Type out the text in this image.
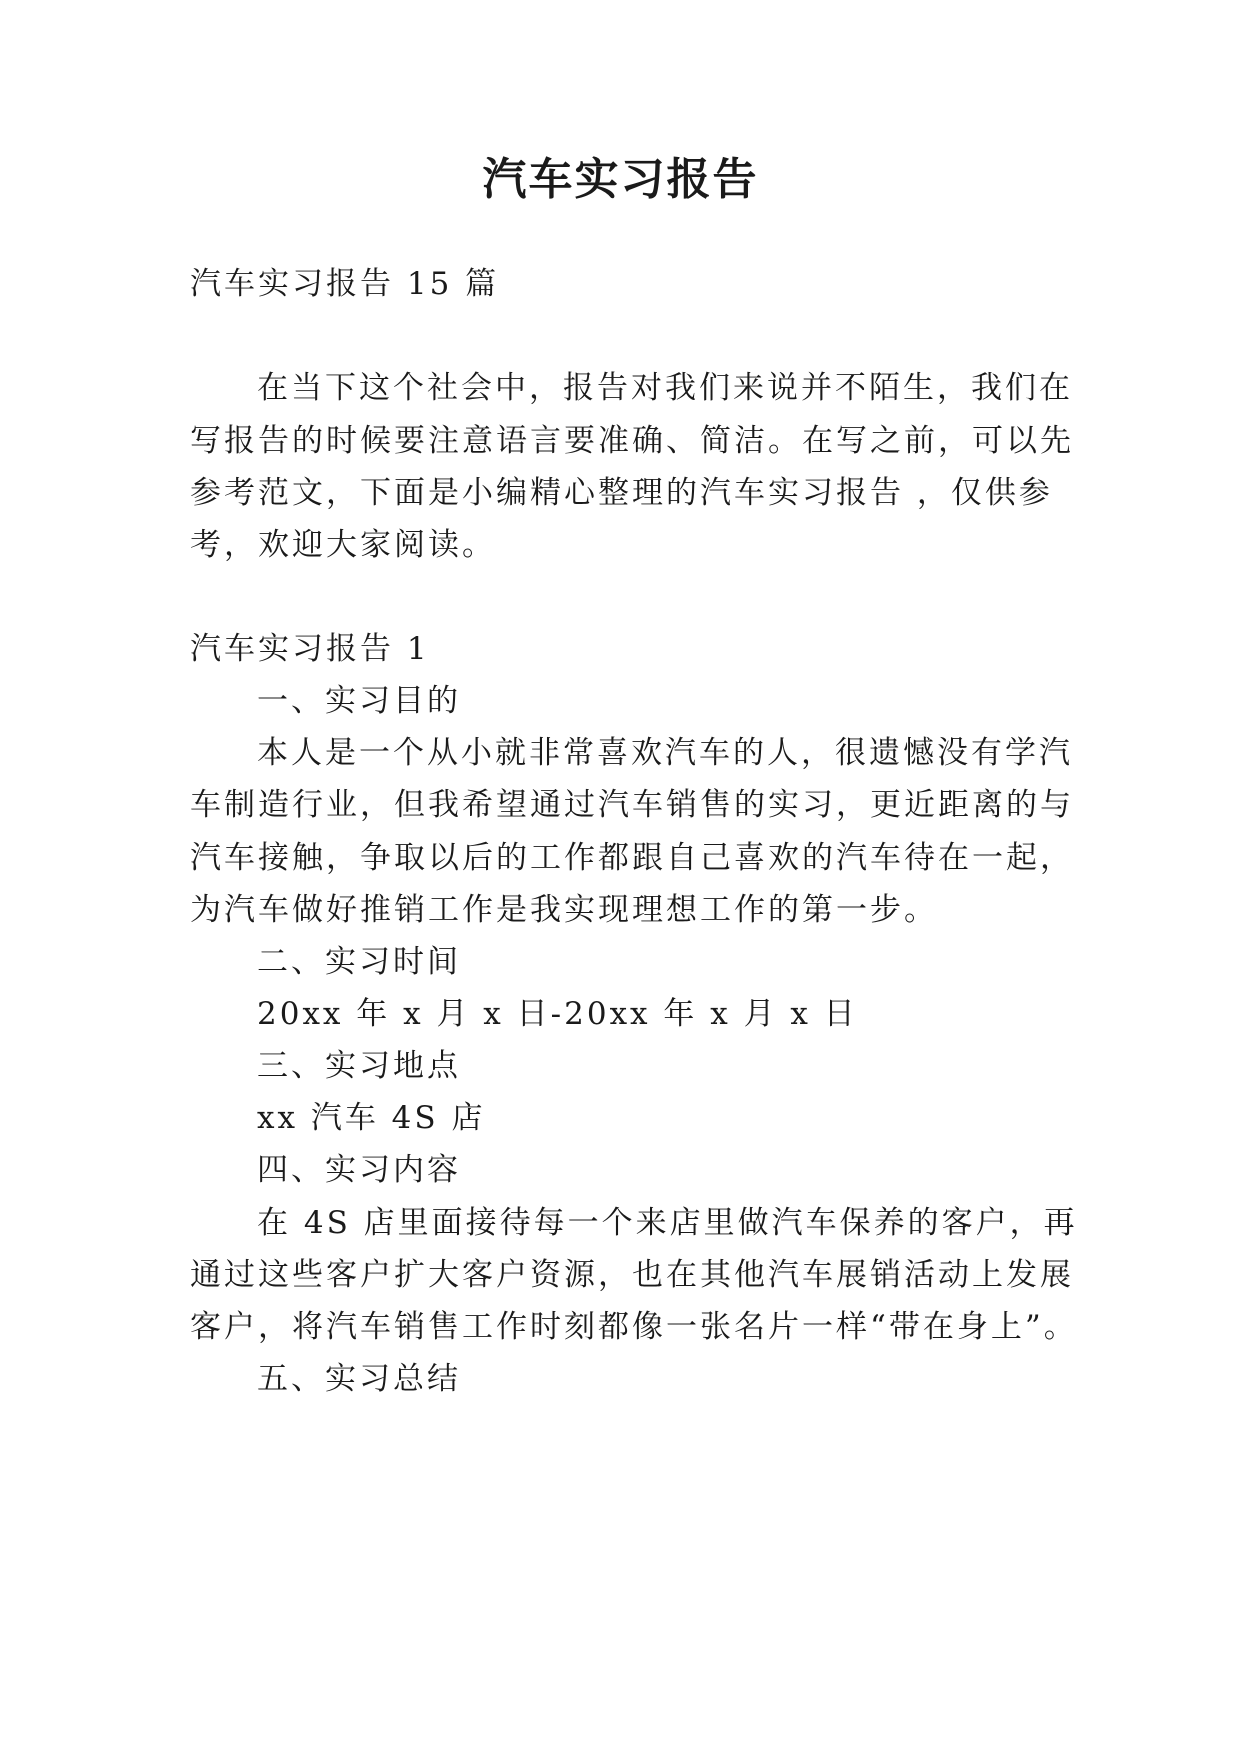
汽车实习报告
汽车实习报告 15 篇
在当下这个社会中，报告对我们来说并不陌生，我们在
写报告的时候要注意语言要准确、简洁。在写之前，可以先
参考范文，下面是小编精心整理的汽车实习报告 ，仅供参
考，欢迎大家阅读。
汽车实习报告 1
一、实习目的
本人是一个从小就非常喜欢汽车的人，很遗憾没有学汽
车制造行业，但我希望通过汽车销售的实习，更近距离的与
汽车接触，争取以后的工作都跟自己喜欢的汽车待在一起，
为汽车做好推销工作是我实现理想工作的第一步。
二、实习时间
20xx 年 x 月 x 日-20xx 年 x 月 x 日
三、实习地点
xx 汽车 4S 店
四、实习内容
在 4S 店里面接待每一个来店里做汽车保养的客户，再
通过这些客户扩大客户资源，也在其他汽车展销活动上发展
客户，将汽车销售工作时刻都像一张名片一样“带在身上”。
五、实习总结
